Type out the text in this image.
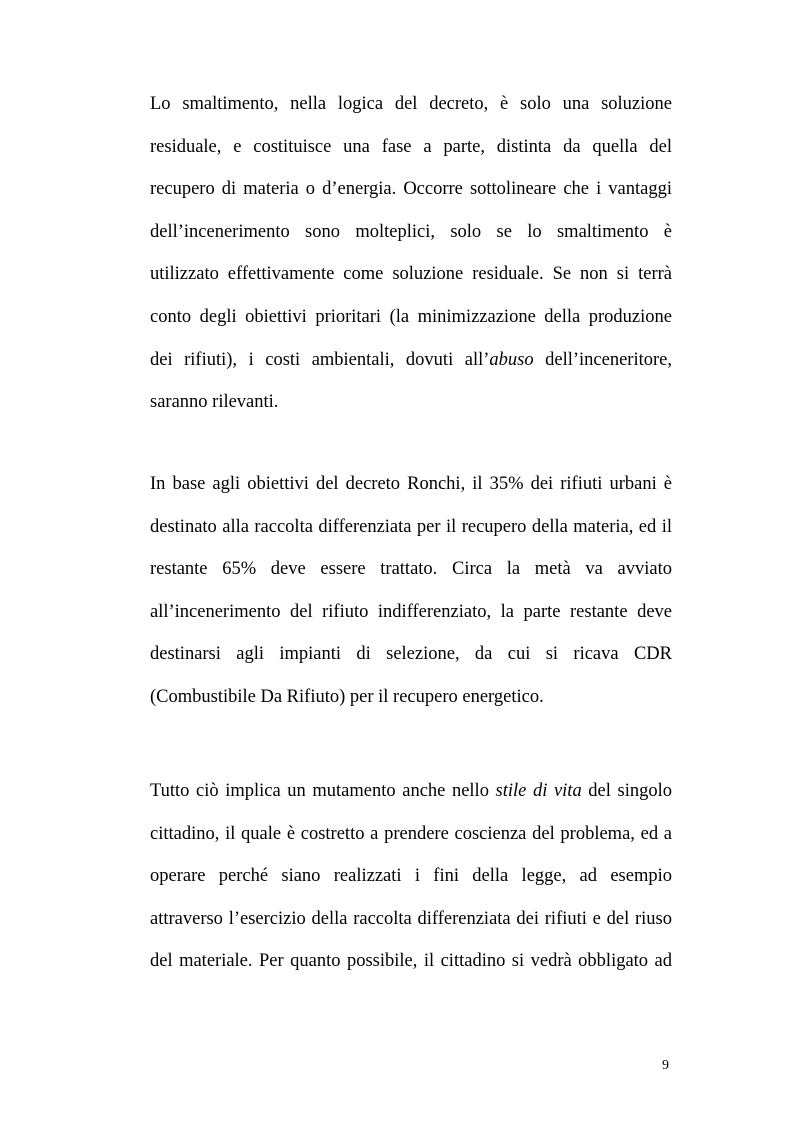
Lo smaltimento, nella logica del decreto, è solo una soluzione
residuale, e costituisce una fase a parte, distinta da quella del
recupero di materia o d’energia. Occorre sottolineare che i vantaggi
dell’incenerimento sono molteplici, solo se lo smaltimento è
utilizzato effettivamente come soluzione residuale. Se non si terrà
conto degli obiettivi prioritari (la minimizzazione della produzione
dei rifiuti), i costi ambientali, dovuti all’abuso dell’inceneritore,
saranno rilevanti.
In base agli obiettivi del decreto Ronchi, il 35% dei rifiuti urbani è
destinato alla raccolta differenziata per il recupero della materia, ed il
restante 65% deve essere trattato. Circa la metà va avviato
all’incenerimento del rifiuto indifferenziato, la parte restante deve
destinarsi agli impianti di selezione, da cui si ricava CDR
(Combustibile Da Rifiuto) per il recupero energetico.
Tutto ciò implica un mutamento anche nello stile di vita del singolo
cittadino, il quale è costretto a prendere coscienza del problema, ed a
operare perché siano realizzati i fini della legge, ad esempio
attraverso l’esercizio della raccolta differenziata dei rifiuti e del riuso
del materiale. Per quanto possibile, il cittadino si vedrà obbligato ad
9
